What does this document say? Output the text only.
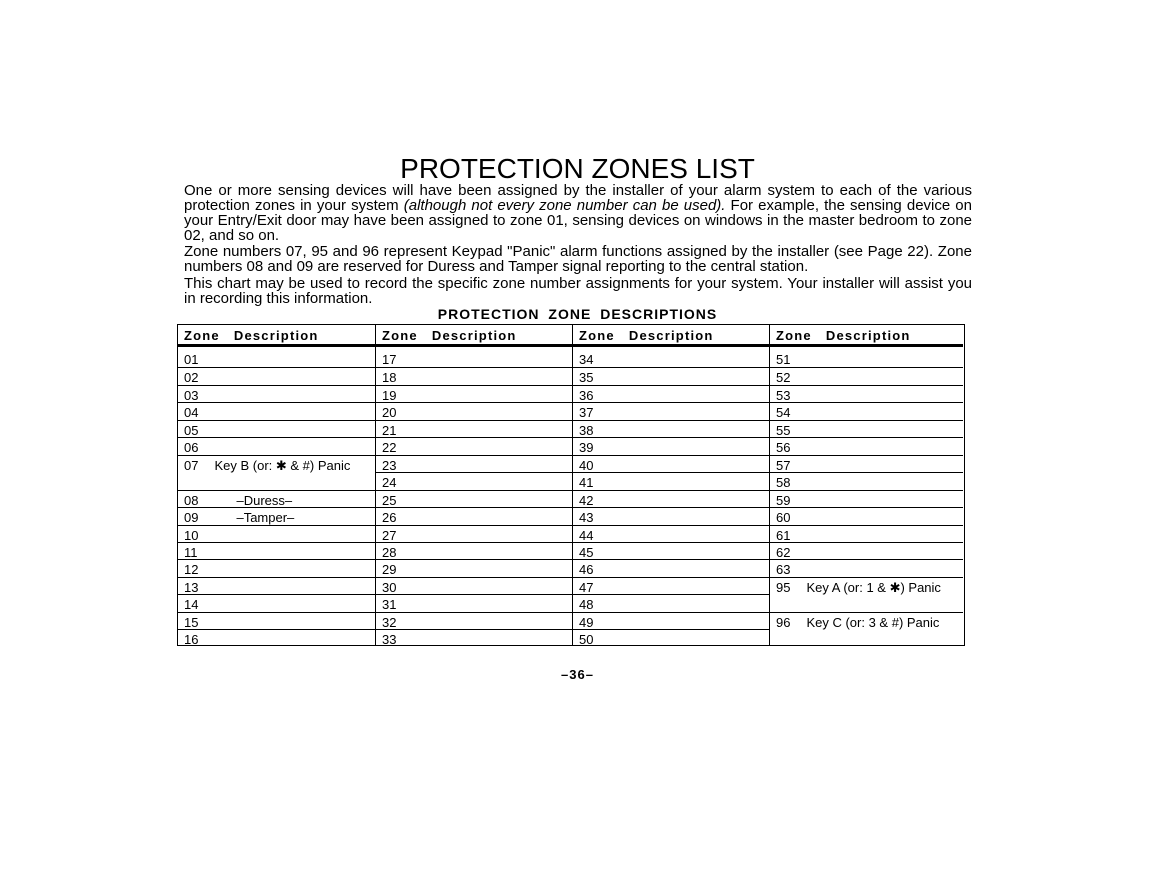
PROTECTION ZONES LIST

One or more sensing devices will have been assigned by the installer of your alarm system to each of the various protection zones in your system (although not every zone number can be used). For example, the sensing device on your Entry/Exit door may have been assigned to zone 01, sensing devices on windows in the master bedroom to zone 02, and so on.

Zone numbers 07, 95 and 96 represent Keypad "Panic" alarm functions assigned by the installer (see Page 22). Zone numbers 08 and 09 are reserved for Duress and Tamper signal reporting to the central station.

This chart may be used to record the specific zone number assignments for your system. Your installer will assist you in recording this information.

PROTECTION ZONE DESCRIPTIONS
Zone Description
01
02
03
04
05
06
07 Key B (or: ✱ & #) Panic
08	–Duress–
09	–Tamper–
10
11
12
13
14
15
16
Zone Description
17
18
19
20
21
22
23
24
25
26
27
28
29
30
31
32
33
Zone Description
34
35
36
37
38
39
40
41
42
43
44
45
46
47
48
49
50
Zone Description
51
52
53
54
55
56
57
58
59
60
61
62
63
95 Key A (or: 1 & ✱) Panic
96 Key C (or: 3 & #) Panic
–36–
